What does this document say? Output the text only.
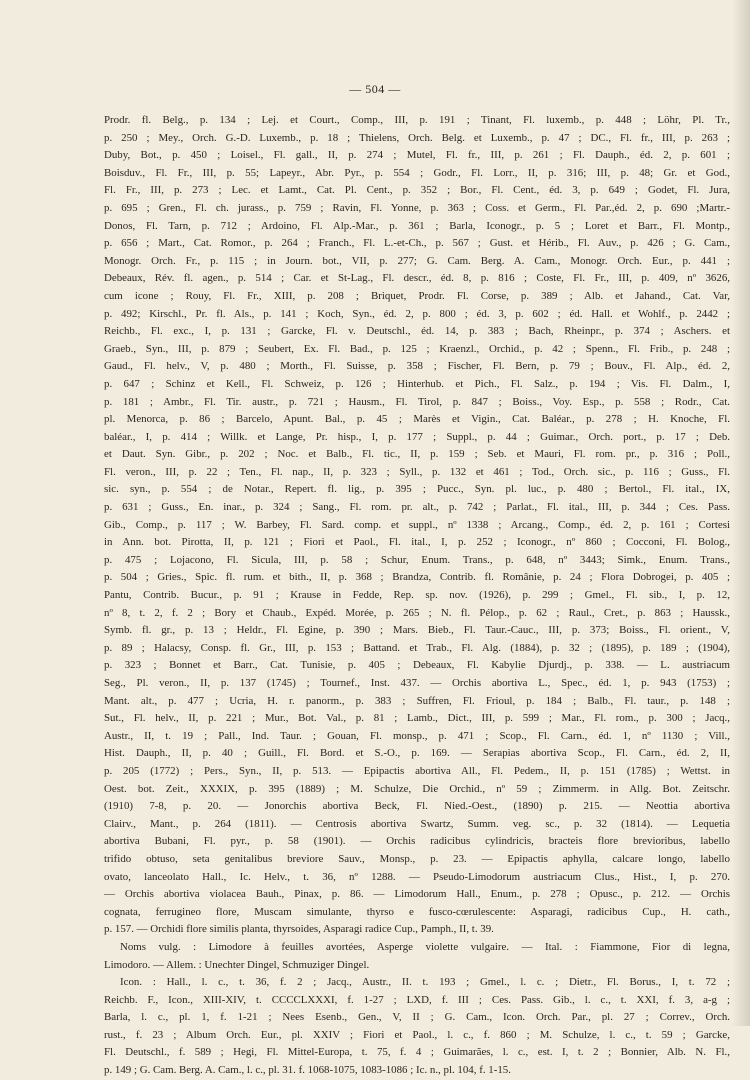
— 504 —
Prodr. fl. Belg., p. 134 ; Lej. et Court., Comp., III, p. 191 ; Tinant, Fl. luxemb., p. 448 ; Löhr, Pl. Tr.,
p. 250 ; Mey., Orch. G.-D. Luxemb., p. 18 ; Thielens, Orch. Belg. et Luxemb., p. 47 ; DC., Fl. fr., III, p. 263 ;
Duby, Bot., p. 450 ; Loisel., Fl. gall., II, p. 274 ; Mutel, Fl. fr., III, p. 261 ; Fl. Dauph., éd. 2, p. 601 ;
Boisduv., Fl. Fr., III, p. 55; Lapeyr., Abr. Pyr., p. 554 ; Godr., Fl. Lorr., II, p. 316; III, p. 48; Gr. et God.,
Fl. Fr., III, p. 273 ; Lec. et Lamt., Cat. Pl. Cent., p. 352 ; Bor., Fl. Cent., éd. 3, p. 649 ; Godet, Fl. Jura,
p. 695 ; Gren., Fl. ch. jurass., p. 759 ; Ravin, Fl. Yonne, p. 363 ; Coss. et Germ., Fl. Par.,éd. 2, p. 690 ;Martr.-
Donos, Fl. Tarn, p. 712 ; Ardoino, Fl. Alp.-Mar., p. 361 ; Barla, Iconogr., p. 5 ; Loret et Barr., Fl. Montp.,
p. 656 ; Mart., Cat. Romor., p. 264 ; Franch., Fl. L.-et-Ch., p. 567 ; Gust. et Hérib., Fl. Auv., p. 426 ; G. Cam.,
Monogr. Orch. Fr., p. 115 ; in Journ. bot., VII, p. 277; G. Cam. Berg. A. Cam., Monogr. Orch. Eur., p. 441 ;
Debeaux, Rév. fl. agen., p. 514 ; Car. et St-Lag., Fl. descr., éd. 8, p. 816 ; Coste, Fl. Fr., III, p. 409, nº 3626,
cum icone ; Rouy, Fl. Fr., XIII, p. 208 ; Briquet, Prodr. Fl. Corse, p. 389 ; Alb. et Jahand., Cat. Var,
p. 492; Kirschl., Pr. fl. Als., p. 141 ; Koch, Syn., éd. 2, p. 800 ; éd. 3, p. 602 ; éd. Hall. et Wohlf., p. 2442 ;
Reichb., Fl. exc., I, p. 131 ; Garcke, Fl. v. Deutschl., éd. 14, p. 383 ; Bach, Rheinpr., p. 374 ; Aschers. et
Graeb., Syn., III, p. 879 ; Seubert, Ex. Fl. Bad., p. 125 ; Kraenzl., Orchid., p. 42 ; Spenn., Fl. Frib., p. 248 ;
Gaud., Fl. helv., V, p. 480 ; Morth., Fl. Suisse, p. 358 ; Fischer, Fl. Bern, p. 79 ; Bouv., Fl. Alp., éd. 2,
p. 647 ; Schinz et Kell., Fl. Schweiz, p. 126 ; Hinterhub. et Pich., Fl. Salz., p. 194 ; Vis. Fl. Dalm., I,
p. 181 ; Ambr., Fl. Tir. austr., p. 721 ; Hausm., Fl. Tirol, p. 847 ; Boiss., Voy. Esp., p. 558 ; Rodr., Cat.
pl. Menorca, p. 86 ; Barcelo, Apunt. Bal., p. 45 ; Marès et Vigin., Cat. Baléar., p. 278 ; H. Knoche, Fl.
baléar., I, p. 414 ; Willk. et Lange, Pr. hisp., I, p. 177 ; Suppl., p. 44 ; Guimar., Orch. port., p. 17 ; Deb.
et Daut. Syn. Gibr., p. 202 ; Noc. et Balb., Fl. tic., II, p. 159 ; Seb. et Mauri, Fl. rom. pr., p. 316 ; Poll.,
Fl. veron., III, p. 22 ; Ten., Fl. nap., II, p. 323 ; Syll., p. 132 et 461 ; Tod., Orch. sic., p. 116 ; Guss., Fl.
sic. syn., p. 554 ; de Notar., Repert. fl. lig., p. 395 ; Pucc., Syn. pl. luc., p. 480 ; Bertol., Fl. ital., IX,
p. 631 ; Guss., En. inar., p. 324 ; Sang., Fl. rom. pr. alt., p. 742 ; Parlat., Fl. ital., III, p. 344 ; Ces. Pass.
Gib., Comp., p. 117 ; W. Barbey, Fl. Sard. comp. et suppl., nº 1338 ; Arcang., Comp., éd. 2, p. 161 ; Cortesi
in Ann. bot. Pirotta, II, p. 121 ; Fiori et Paol., Fl. ital., I, p. 252 ; Iconogr., nº 860 ; Cocconi, Fl. Bolog.,
p. 475 ; Lojacono, Fl. Sicula, III, p. 58 ; Schur, Enum. Trans., p. 648, nº 3443; Simk., Enum. Trans.,
p. 504 ; Gries., Spic. fl. rum. et bith., II, p. 368 ; Brandza, Contrib. fl. Românie, p. 24 ; Flora Dobrogei, p. 405 ;
Pantu, Contrib. Bucur., p. 91 ; Krause in Fedde, Rep. sp. nov. (1926), p. 299 ; Gmel., Fl. sib., I, p. 12,
nº 8, t. 2, f. 2 ; Bory et Chaub., Expéd. Morée, p. 265 ; N. fl. Pélop., p. 62 ; Raul., Cret., p. 863 ; Haussk.,
Symb. fl. gr., p. 13 ; Heldr., Fl. Egine, p. 390 ; Mars. Bieb., Fl. Taur.-Cauc., III, p. 373; Boiss., Fl. orient., V,
p. 89 ; Halacsy, Consp. fl. Gr., III, p. 153 ; Battand. et Trab., Fl. Alg. (1884), p. 32 ; (1895), p. 189 ; (1904),
p. 323 ; Bonnet et Barr., Cat. Tunisie, p. 405 ; Debeaux, Fl. Kabylie Djurdj., p. 338. — L. austriacum
Seg., Pl. veron., II, p. 137 (1745) ; Tournef., Inst. 437. — Orchis abortiva L., Spec., éd. 1, p. 943 (1753) ;
Mant. alt., p. 477 ; Ucria, H. r. panorm., p. 383 ; Suffren, Fl. Frioul, p. 184 ; Balb., Fl. taur., p. 148 ;
Sut., Fl. helv., II, p. 221 ; Mur., Bot. Val., p. 81 ; Lamb., Dict., III, p. 599 ; Mar., Fl. rom., p. 300 ; Jacq.,
Austr., II, t. 19 ; Pall., Ind. Taur. ; Gouan, Fl. monsp., p. 471 ; Scop., Fl. Carn., éd. 1, nº 1130 ; Vill.,
Hist. Dauph., II, p. 40 ; Guill., Fl. Bord. et S.-O., p. 169. — Serapias abortiva Scop., Fl. Carn., éd. 2, II,
p. 205 (1772) ; Pers., Syn., II, p. 513. — Epipactis abortiva All., Fl. Pedem., II, p. 151 (1785) ; Wettst. in
Oest. bot. Zeit., XXXIX, p. 395 (1889) ; M. Schulze, Die Orchid., nº 59 ; Zimmerm. in Allg. Bot. Zeitschr.
(1910) 7-8, p. 20. — Jonorchis abortiva Beck, Fl. Nied.-Oest., (1890) p. 215. — Neottia abortiva
Clairv., Mant., p. 264 (1811). — Centrosis abortiva Swartz, Summ. veg. sc., p. 32 (1814). — Lequetia
abortiva Bubani, Fl. pyr., p. 58 (1901). — Orchis radicibus cylindricis, bracteis flore brevioribus, labello
trifido obtuso, seta genitalibus breviore Sauv., Monsp., p. 23. — Epipactis aphylla, calcare longo, labello
ovato, lanceolato Hall., Ic. Helv., t. 36, nº 1288. — Pseudo-Limodorum austriacum Clus., Hist., I, p. 270.
— Orchis abortiva violacea Bauh., Pinax, p. 86. — Limodorum Hall., Enum., p. 278 ; Opusc., p. 212. — Orchis
cognata, ferrugineo flore, Muscam simulante, thyrso e fusco-cœrulescente: Asparagi, radicibus Cup., H. cath.,
p. 157. — Orchidi flore similis planta, thyrsoides, Asparagi radice Cup., Pamph., II, t. 39.
Noms vulg. : Limodore à feuilles avortées, Asperge violette vulgaire. — Ital. : Fiammone, Fior di legna,
Limodoro. — Allem. : Unechter Dingel, Schmuziger Dingel.
Icon. : Hall., l. c., t. 36, f. 2 ; Jacq., Austr., II. t. 193 ; Gmel., l. c. ; Dietr., Fl. Borus., I, t. 72 ;
Reichb. F., Icon., XIII-XIV, t. CCCCLXXXI, f. 1-27 ; LXD, f. III ; Ces. Pass. Gib., l. c., t. XXI, f. 3, a-g ;
Barla, l. c., pl. 1, f. 1-21 ; Nees Esenb., Gen., V, II ; G. Cam., Icon. Orch. Par., pl. 27 ; Correv., Orch.
rust., f. 23 ; Album Orch. Eur., pl. XXIV ; Fiori et Paol., l. c., f. 860 ; M. Schulze, l. c., t. 59 ; Garcke,
Fl. Deutschl., f. 589 ; Hegi, Fl. Mittel-Europa, t. 75, f. 4 ; Guimarães, l. c., est. I, t. 2 ; Bonnier, Alb. N. Fl.,
p. 149 ; G. Cam. Berg. A. Cam., l. c., pl. 31. f. 1068-1075, 1083-1086 ; Ic. n., pl. 104, f. 1-15.
